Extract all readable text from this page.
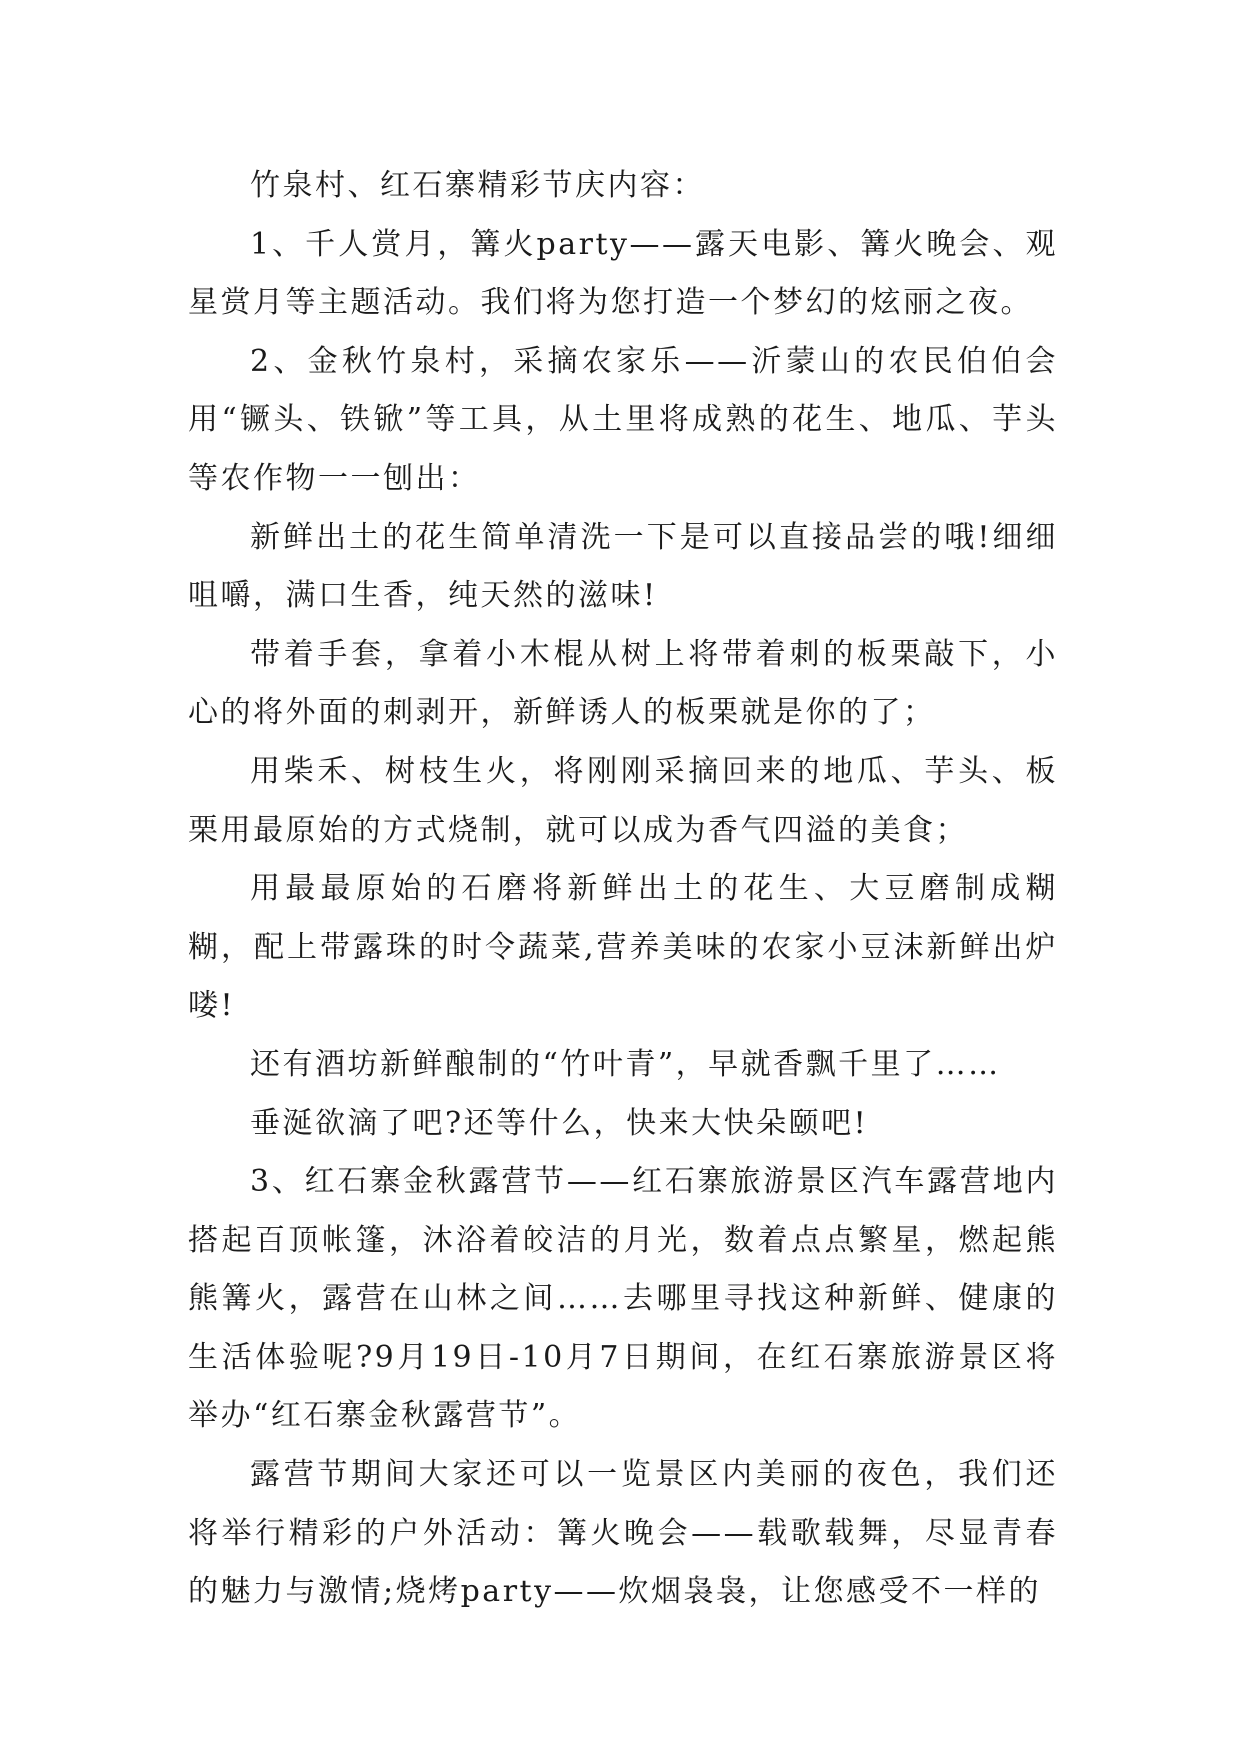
竹泉村、红石寨精彩节庆内容：

1、千人赏月，篝火party——露天电影、篝火晚会、观星赏月等主题活动。我们将为您打造一个梦幻的炫丽之夜。

2、金秋竹泉村，采摘农家乐——沂蒙山的农民伯伯会用“镢头、铁锨”等工具，从土里将成熟的花生、地瓜、芋头等农作物一一刨出：

新鲜出土的花生简单清洗一下是可以直接品尝的哦!细细咀嚼，满口生香，纯天然的滋味!

带着手套，拿着小木棍从树上将带着刺的板栗敲下，小心的将外面的刺剥开，新鲜诱人的板栗就是你的了；

用柴禾、树枝生火，将刚刚采摘回来的地瓜、芋头、板栗用最原始的方式烧制，就可以成为香气四溢的美食；

用最最原始的石磨将新鲜出土的花生、大豆磨制成糊糊，配上带露珠的时令蔬菜,营养美味的农家小豆沫新鲜出炉喽!

还有酒坊新鲜酿制的“竹叶青”，早就香飘千里了……

垂涎欲滴了吧?还等什么，快来大快朵颐吧!

3、红石寨金秋露营节——红石寨旅游景区汽车露营地内搭起百顶帐篷，沐浴着皎洁的月光，数着点点繁星，燃起熊熊篝火，露营在山林之间……去哪里寻找这种新鲜、健康的生活体验呢?9月19日-10月7日期间，在红石寨旅游景区将举办“红石寨金秋露营节”。

露营节期间大家还可以一览景区内美丽的夜色，我们还将举行精彩的户外活动：篝火晚会——载歌载舞，尽显青春的魅力与激情;烧烤party——炊烟袅袅，让您感受不一样的
